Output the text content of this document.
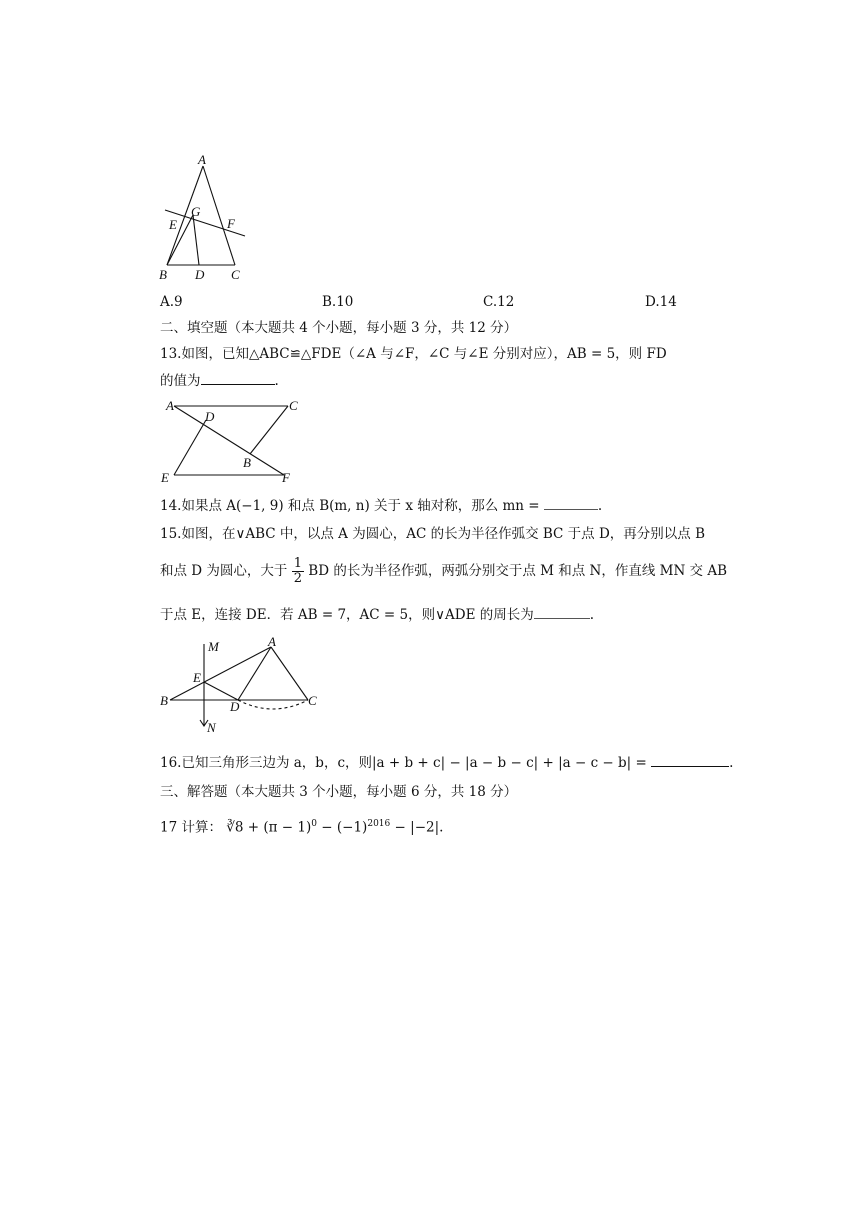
A
G
E	F
B D C
A.9	B.10	C.12	D.14
二、填空题（本大题共 4 个小题，每小题 3 分，共 12 分）
13.如图，已知△ABC≌△FDE（∠A 与∠F，∠C 与∠E 分别对应），AB = 5，则 FD
的值为	.
A
D
C
E
B
F
14.如果点 A(−1, 9) 和点 B(m, n) 关于 x 轴对称，那么 mn =	.
15.如图，在∨ABC 中，以点 A 为圆心，AC 的长为半径作弧交 BC 于点 D，再分别以点 B
和点 D 为圆心，大于 $\frac{1}{2}$ BD 的长为半径作弧，两弧分别交于点 M 和点 N，作直线 MN 交 AB
于点 E，连接 DE．若 AB = 7，AC = 5，则∨ADE 的周长为	.
M	A
E
B	D	C
N
16.已知三角形三边为 a，b，c，则|a + b + c| − |a − b − c| + |a − c − b| =	.
三、解答题（本大题共 3 个小题，每小题 6 分，共 18 分）
17 计算： ∛8 + $(\pi - 1)^0 - (-1)^{2016} - |-2|$.
